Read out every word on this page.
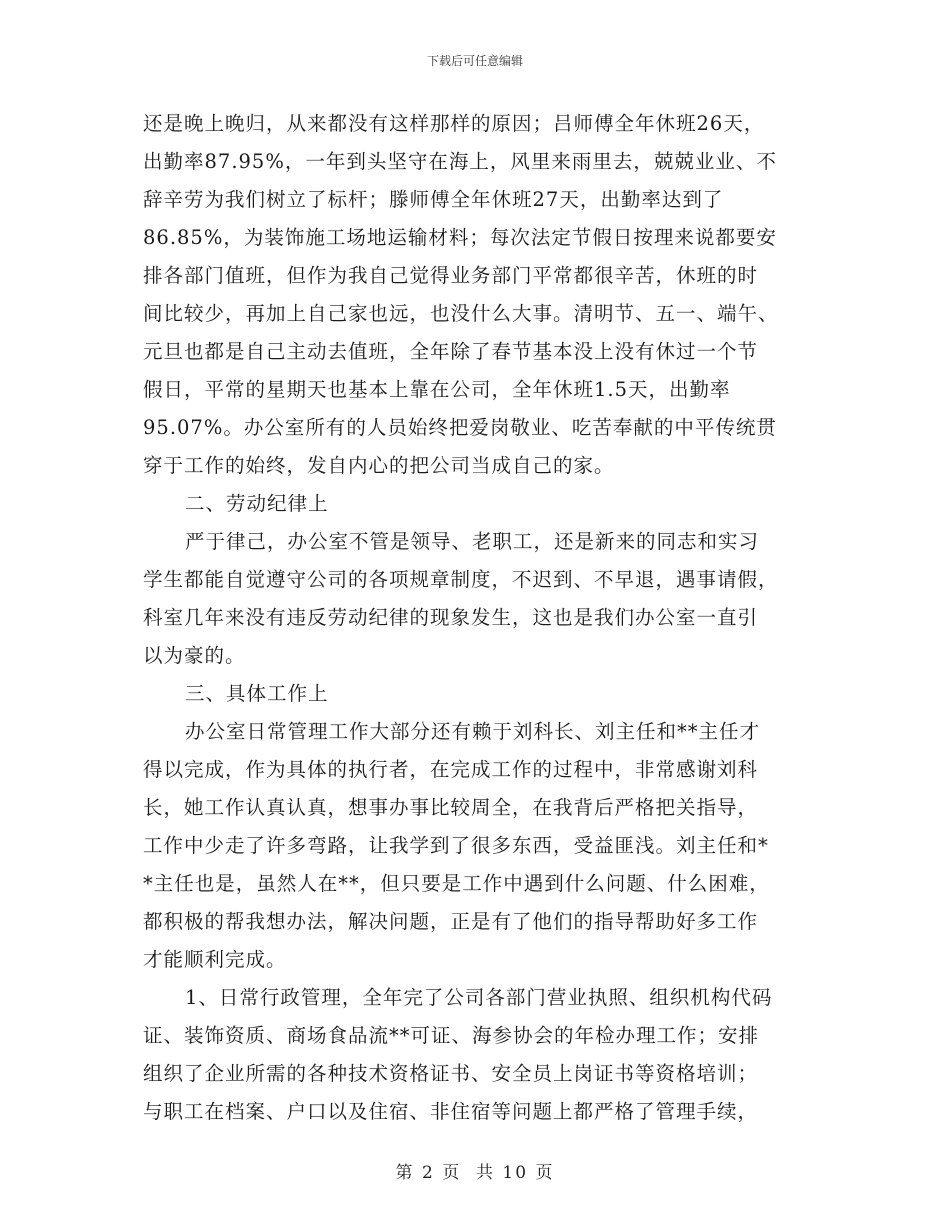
下载后可任意编辑
还是晚上晚归，从来都没有这样那样的原因；吕师傅全年休班26天，
出勤率87.95%，一年到头坚守在海上，风里来雨里去，兢兢业业、不
辞辛劳为我们树立了标杆；滕师傅全年休班27天，出勤率达到了
86.85%，为装饰施工场地运输材料；每次法定节假日按理来说都要安
排各部门值班，但作为我自己觉得业务部门平常都很辛苦，休班的时
间比较少，再加上自己家也远，也没什么大事。清明节、五一、端午、
元旦也都是自己主动去值班，全年除了春节基本没上没有休过一个节
假日，平常的星期天也基本上靠在公司，全年休班1.5天，出勤率
95.07%。办公室所有的人员始终把爱岗敬业、吃苦奉献的中平传统贯
穿于工作的始终，发自内心的把公司当成自己的家。
二、劳动纪律上
严于律己，办公室不管是领导、老职工，还是新来的同志和实习
学生都能自觉遵守公司的各项规章制度，不迟到、不早退，遇事请假，
科室几年来没有违反劳动纪律的现象发生，这也是我们办公室一直引
以为豪的。
三、具体工作上
办公室日常管理工作大部分还有赖于刘科长、刘主任和**主任才
得以完成，作为具体的执行者，在完成工作的过程中，非常感谢刘科
长，她工作认真认真，想事办事比较周全，在我背后严格把关指导，
工作中少走了许多弯路，让我学到了很多东西，受益匪浅。刘主任和*
*主任也是，虽然人在**，但只要是工作中遇到什么问题、什么困难，
都积极的帮我想办法，解决问题，正是有了他们的指导帮助好多工作
才能顺利完成。
1、日常行政管理，全年完了公司各部门营业执照、组织机构代码
证、装饰资质、商场食品流**可证、海参协会的年检办理工作；安排
组织了企业所需的各种技术资格证书、安全员上岗证书等资格培训；
与职工在档案、户口以及住宿、非住宿等问题上都严格了管理手续，
第 2 页  共 10 页
